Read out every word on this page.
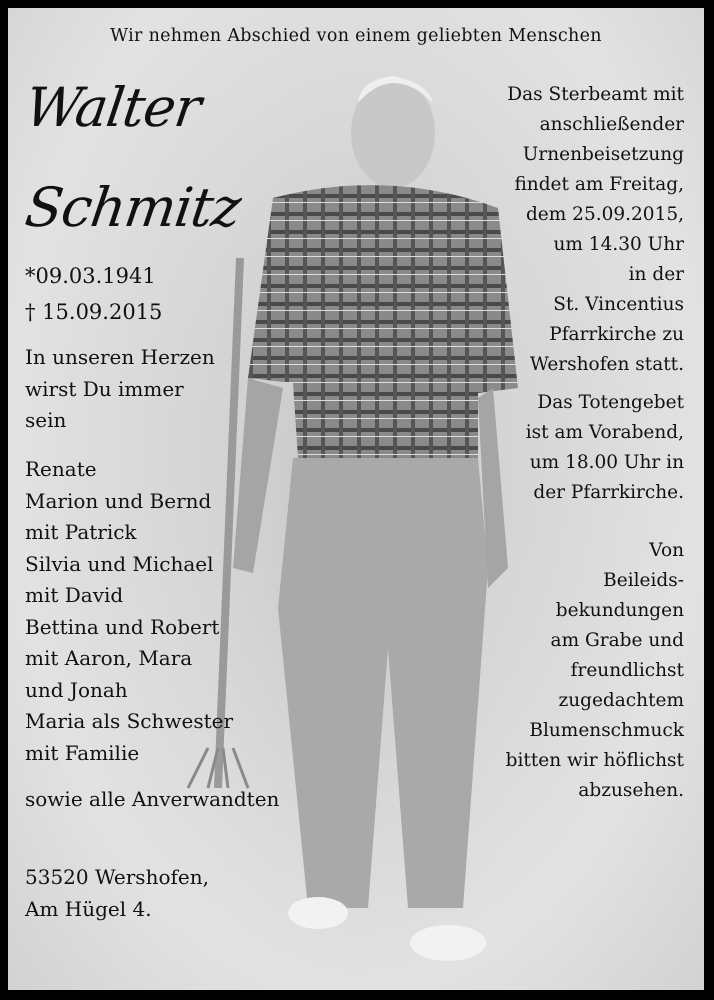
Wir nehmen Abschied von einem geliebten Menschen
Walter
Schmitz
*09.03.1941
† 15.09.2015
In unseren Herzen
wirst Du immer
sein
Renate
Marion und Bernd
mit Patrick
Silvia und Michael
mit David
Bettina und Robert
mit Aaron, Mara
und Jonah
Maria als Schwester
mit Familie
sowie alle Anverwandten
53520 Wershofen,
Am Hügel 4.
Das Sterbeamt mit
anschließender
Urnenbeisetzung
findet am Freitag,
dem 25.09.2015,
um 14.30 Uhr
in der
St. Vincentius
Pfarrkirche zu
Wershofen statt.
Das Totengebet
ist am Vorabend,
um 18.00 Uhr in
der Pfarrkirche.
Von
Beileids-
bekundungen
am Grabe und
freundlichst
zugedachtem
Blumenschmuck
bitten wir höflichst
abzusehen.
